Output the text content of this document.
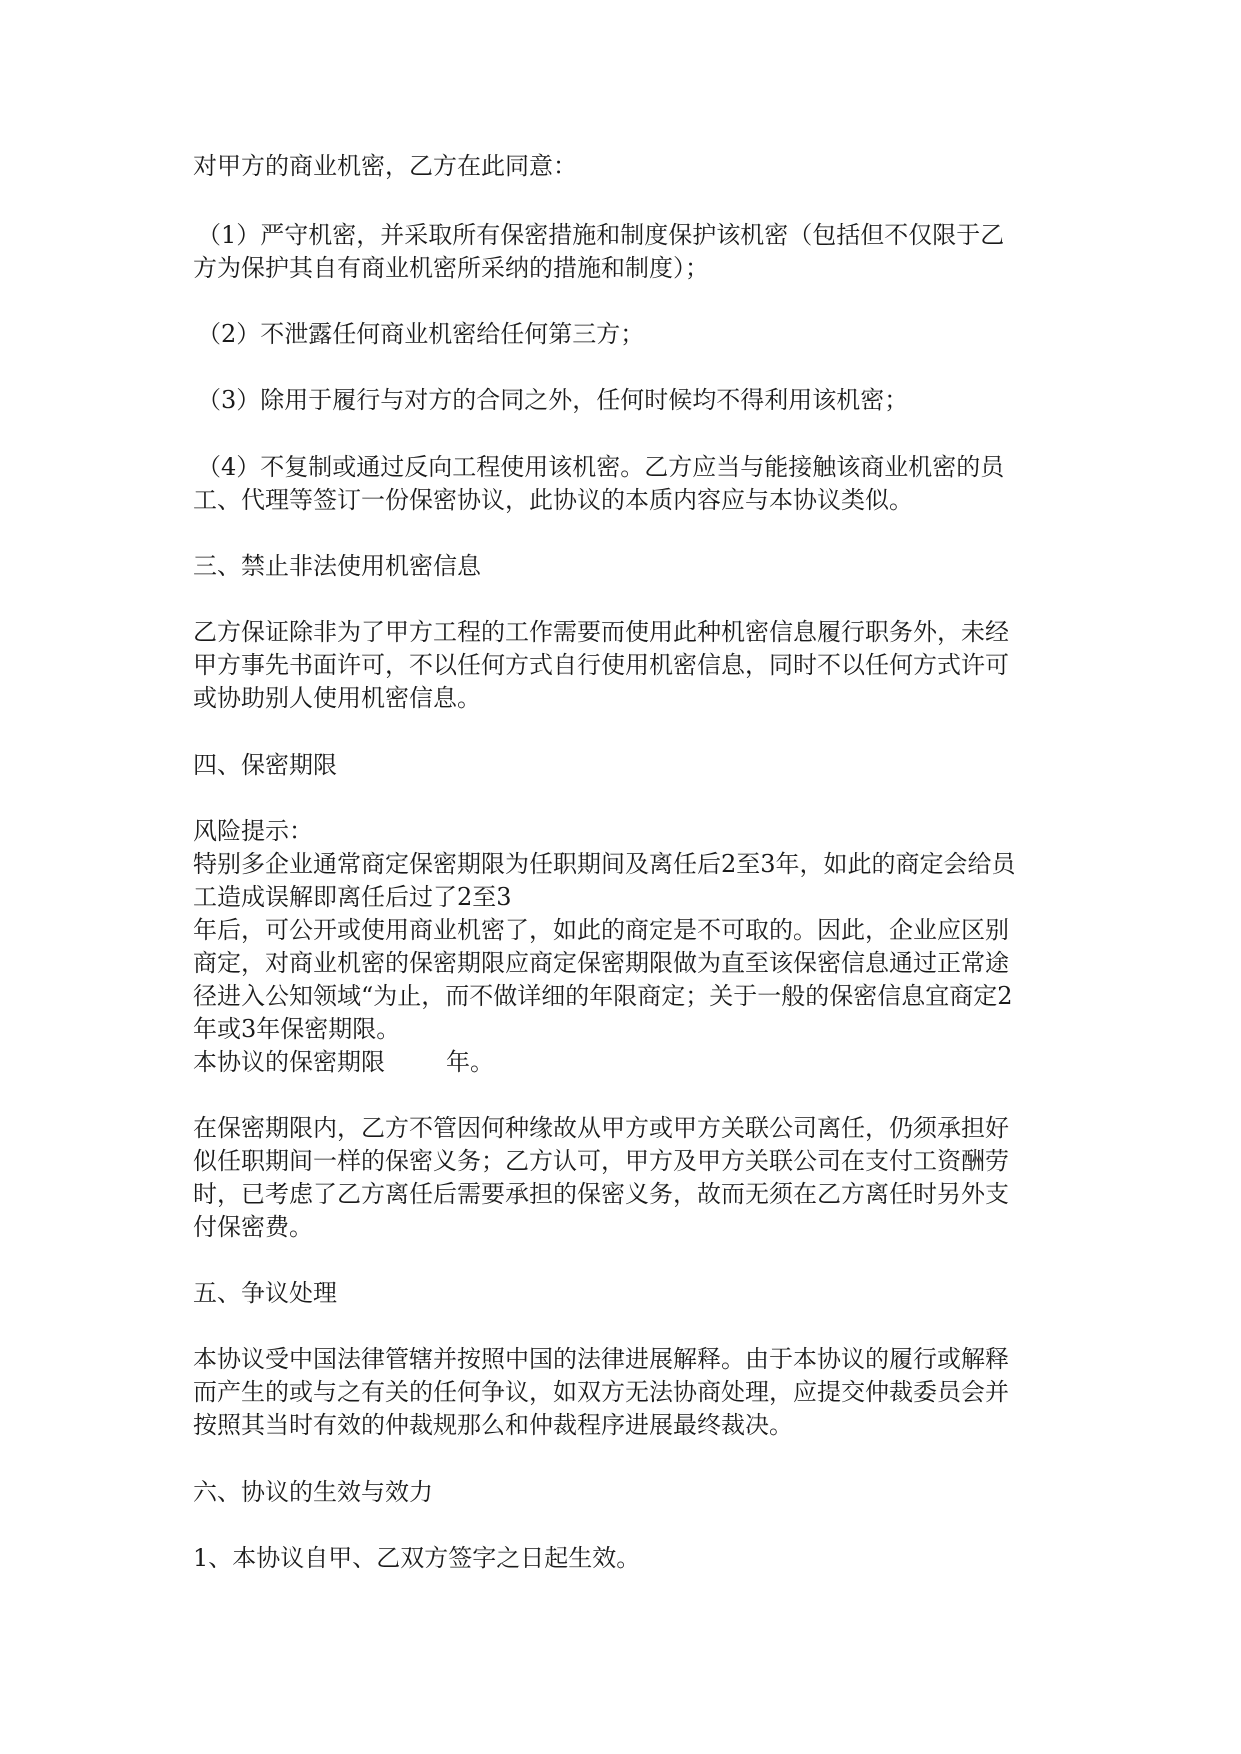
对甲方的商业机密，乙方在此同意：

（1）严守机密，并采取所有保密措施和制度保护该机密（包括但不仅限于乙

方为保护其自有商业机密所采纳的措施和制度）；

（2）不泄露任何商业机密给任何第三方；

（3）除用于履行与对方的合同之外，任何时候均不得利用该机密；

（4）不复制或通过反向工程使用该机密。乙方应当与能接触该商业机密的员

工、代理等签订一份保密协议，此协议的本质内容应与本协议类似。

三、禁止非法使用机密信息

乙方保证除非为了甲方工程的工作需要而使用此种机密信息履行职务外，未经

甲方事先书面许可，不以任何方式自行使用机密信息，同时不以任何方式许可

或协助别人使用机密信息。

四、保密期限

风险提示：

特别多企业通常商定保密期限为任职期间及离任后2至3年，如此的商定会给员

工造成误解即离任后过了2至3

年后，可公开或使用商业机密了，如此的商定是不可取的。因此，企业应区别

商定，对商业机密的保密期限应商定保密期限做为直至该保密信息通过正常途

径进入公知领域“为止，而不做详细的年限商定；关于一般的保密信息宜商定2

年或3年保密期限。

本协议的保密期限        年。

在保密期限内，乙方不管因何种缘故从甲方或甲方关联公司离任，仍须承担好

似任职期间一样的保密义务；乙方认可，甲方及甲方关联公司在支付工资酬劳

时，已考虑了乙方离任后需要承担的保密义务，故而无须在乙方离任时另外支

付保密费。

五、争议处理

本协议受中国法律管辖并按照中国的法律进展解释。由于本协议的履行或解释

而产生的或与之有关的任何争议，如双方无法协商处理，应提交仲裁委员会并

按照其当时有效的仲裁规那么和仲裁程序进展最终裁决。

六、协议的生效与效力

1、本协议自甲、乙双方签字之日起生效。
